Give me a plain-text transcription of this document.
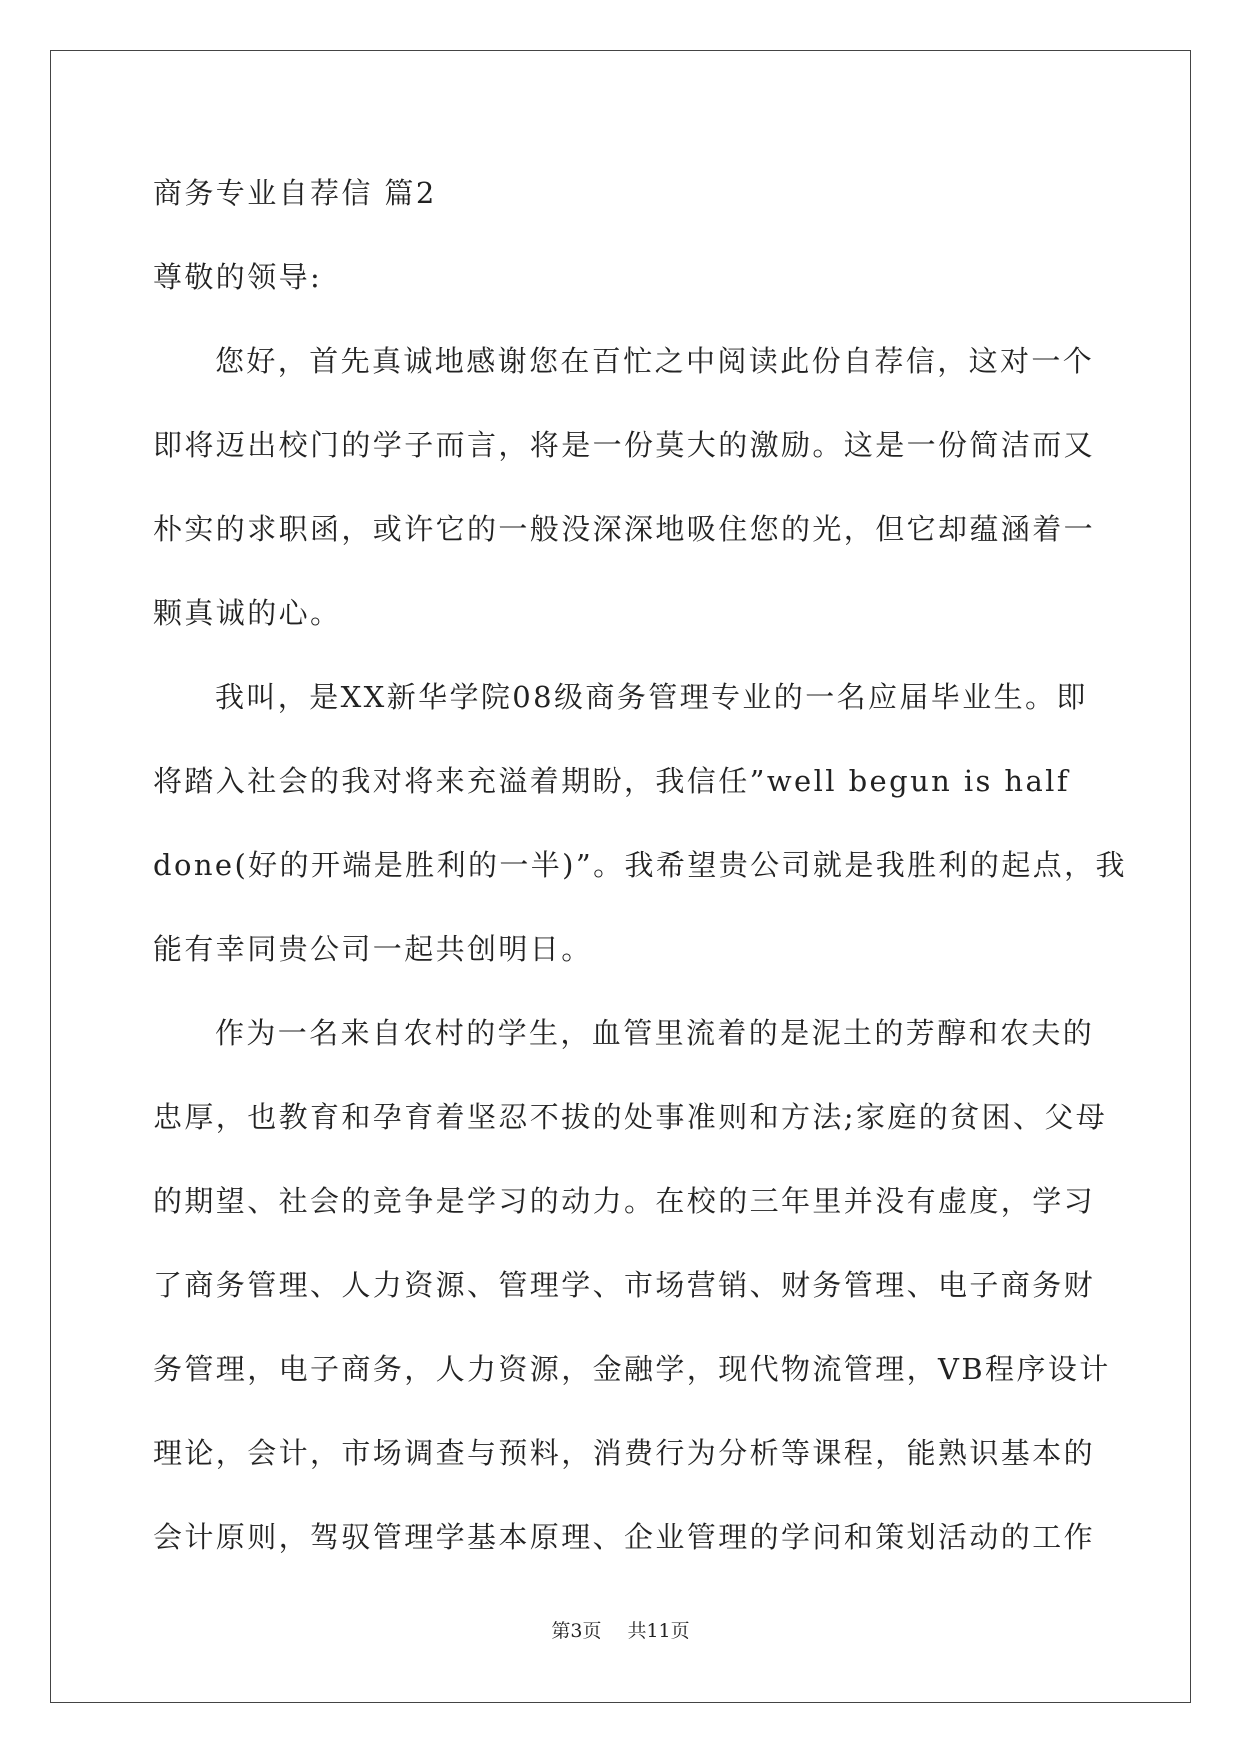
商务专业自荐信 篇2
尊敬的领导:
您好，首先真诚地感谢您在百忙之中阅读此份自荐信，这对一个
即将迈出校门的学子而言，将是一份莫大的激励。这是一份简洁而又
朴实的求职函，或许它的一般没深深地吸住您的光，但它却蕴涵着一
颗真诚的心。
我叫，是XX新华学院08级商务管理专业的一名应届毕业生。即
将踏入社会的我对将来充溢着期盼，我信任”well begun is half
done(好的开端是胜利的一半)”。我希望贵公司就是我胜利的起点，我
能有幸同贵公司一起共创明日。
作为一名来自农村的学生，血管里流着的是泥土的芳醇和农夫的
忠厚，也教育和孕育着坚忍不拔的处事准则和方法;家庭的贫困、父母
的期望、社会的竞争是学习的动力。在校的三年里并没有虚度，学习
了商务管理、人力资源、管理学、市场营销、财务管理、电子商务财
务管理，电子商务，人力资源，金融学，现代物流管理，VB程序设计
理论，会计，市场调查与预料，消费行为分析等课程，能熟识基本的
会计原则，驾驭管理学基本原理、企业管理的学问和策划活动的工作
第3页 共11页
